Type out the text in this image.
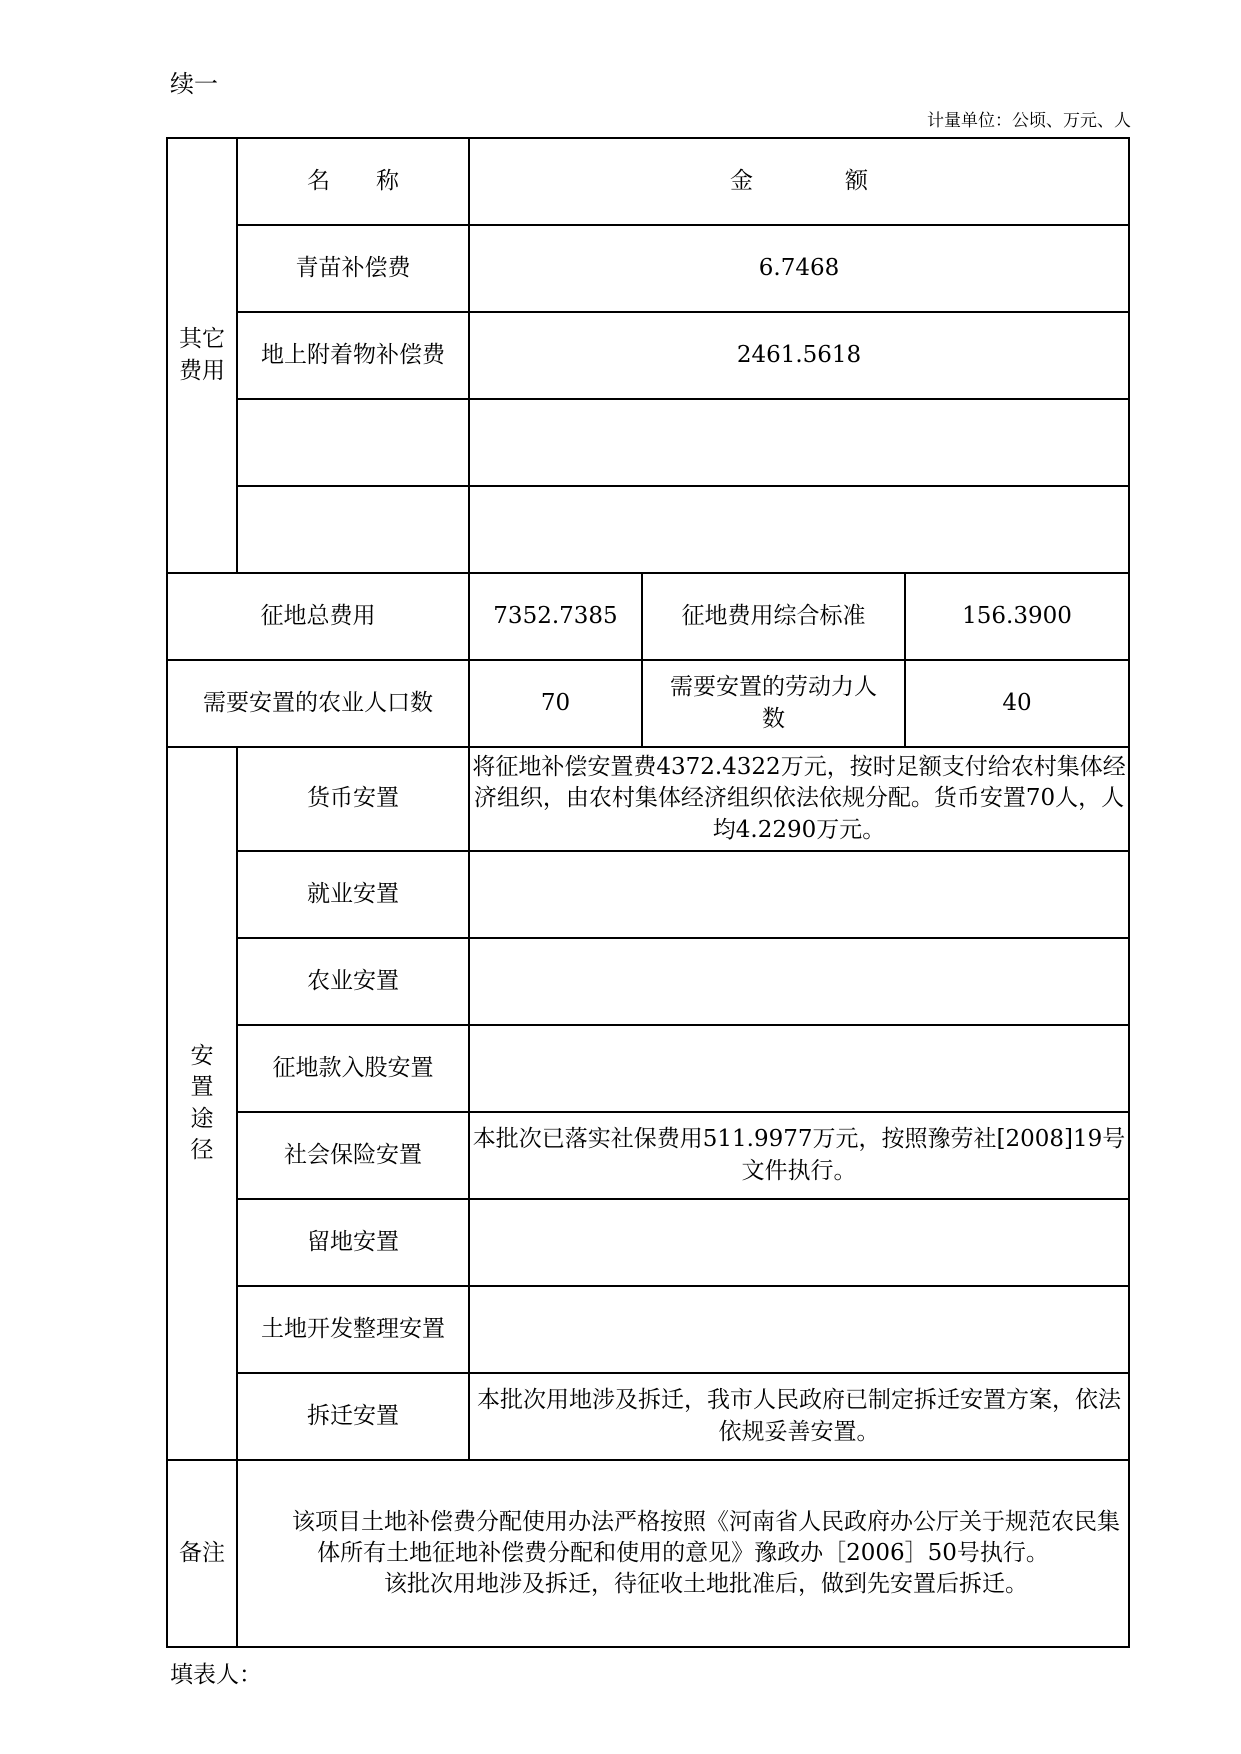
续一
计量单位：公顷、万元、人
其它费用	名　　称	金　　　　额		
	青苗补偿费	6.7468		
	地上附着物补偿费	2461.5618		

征地总费用		7352.7385	征地费用综合标准	156.3900
需要安置的农业人口数		70	需要安置的劳动力人数	40

安置途径	货币安置	将征地补偿安置费4372.4322万元，按时足额支付给农村集体经济组织，由农村集体经济组织依法依规分配。货币安置70人，人均4.2290万元。		
	就业安置			
	农业安置			
	征地款入股安置			
	社会保险安置	本批次已落实社保费用511.9977万元，按照豫劳社[2008]19号文件执行。		
	留地安置			
	土地开发整理安置			
	拆迁安置	本批次用地涉及拆迁，我市人民政府已制定拆迁安置方案，依法依规妥善安置。		
备注	该项目土地补偿费分配使用办法严格按照《河南省人民政府办公厅关于规范农民集体所有土地征地补偿费分配和使用的意见》豫政办［2006］50号执行。
该批次用地涉及拆迁，待征收土地批准后，做到先安置后拆迁。			
填表人：
